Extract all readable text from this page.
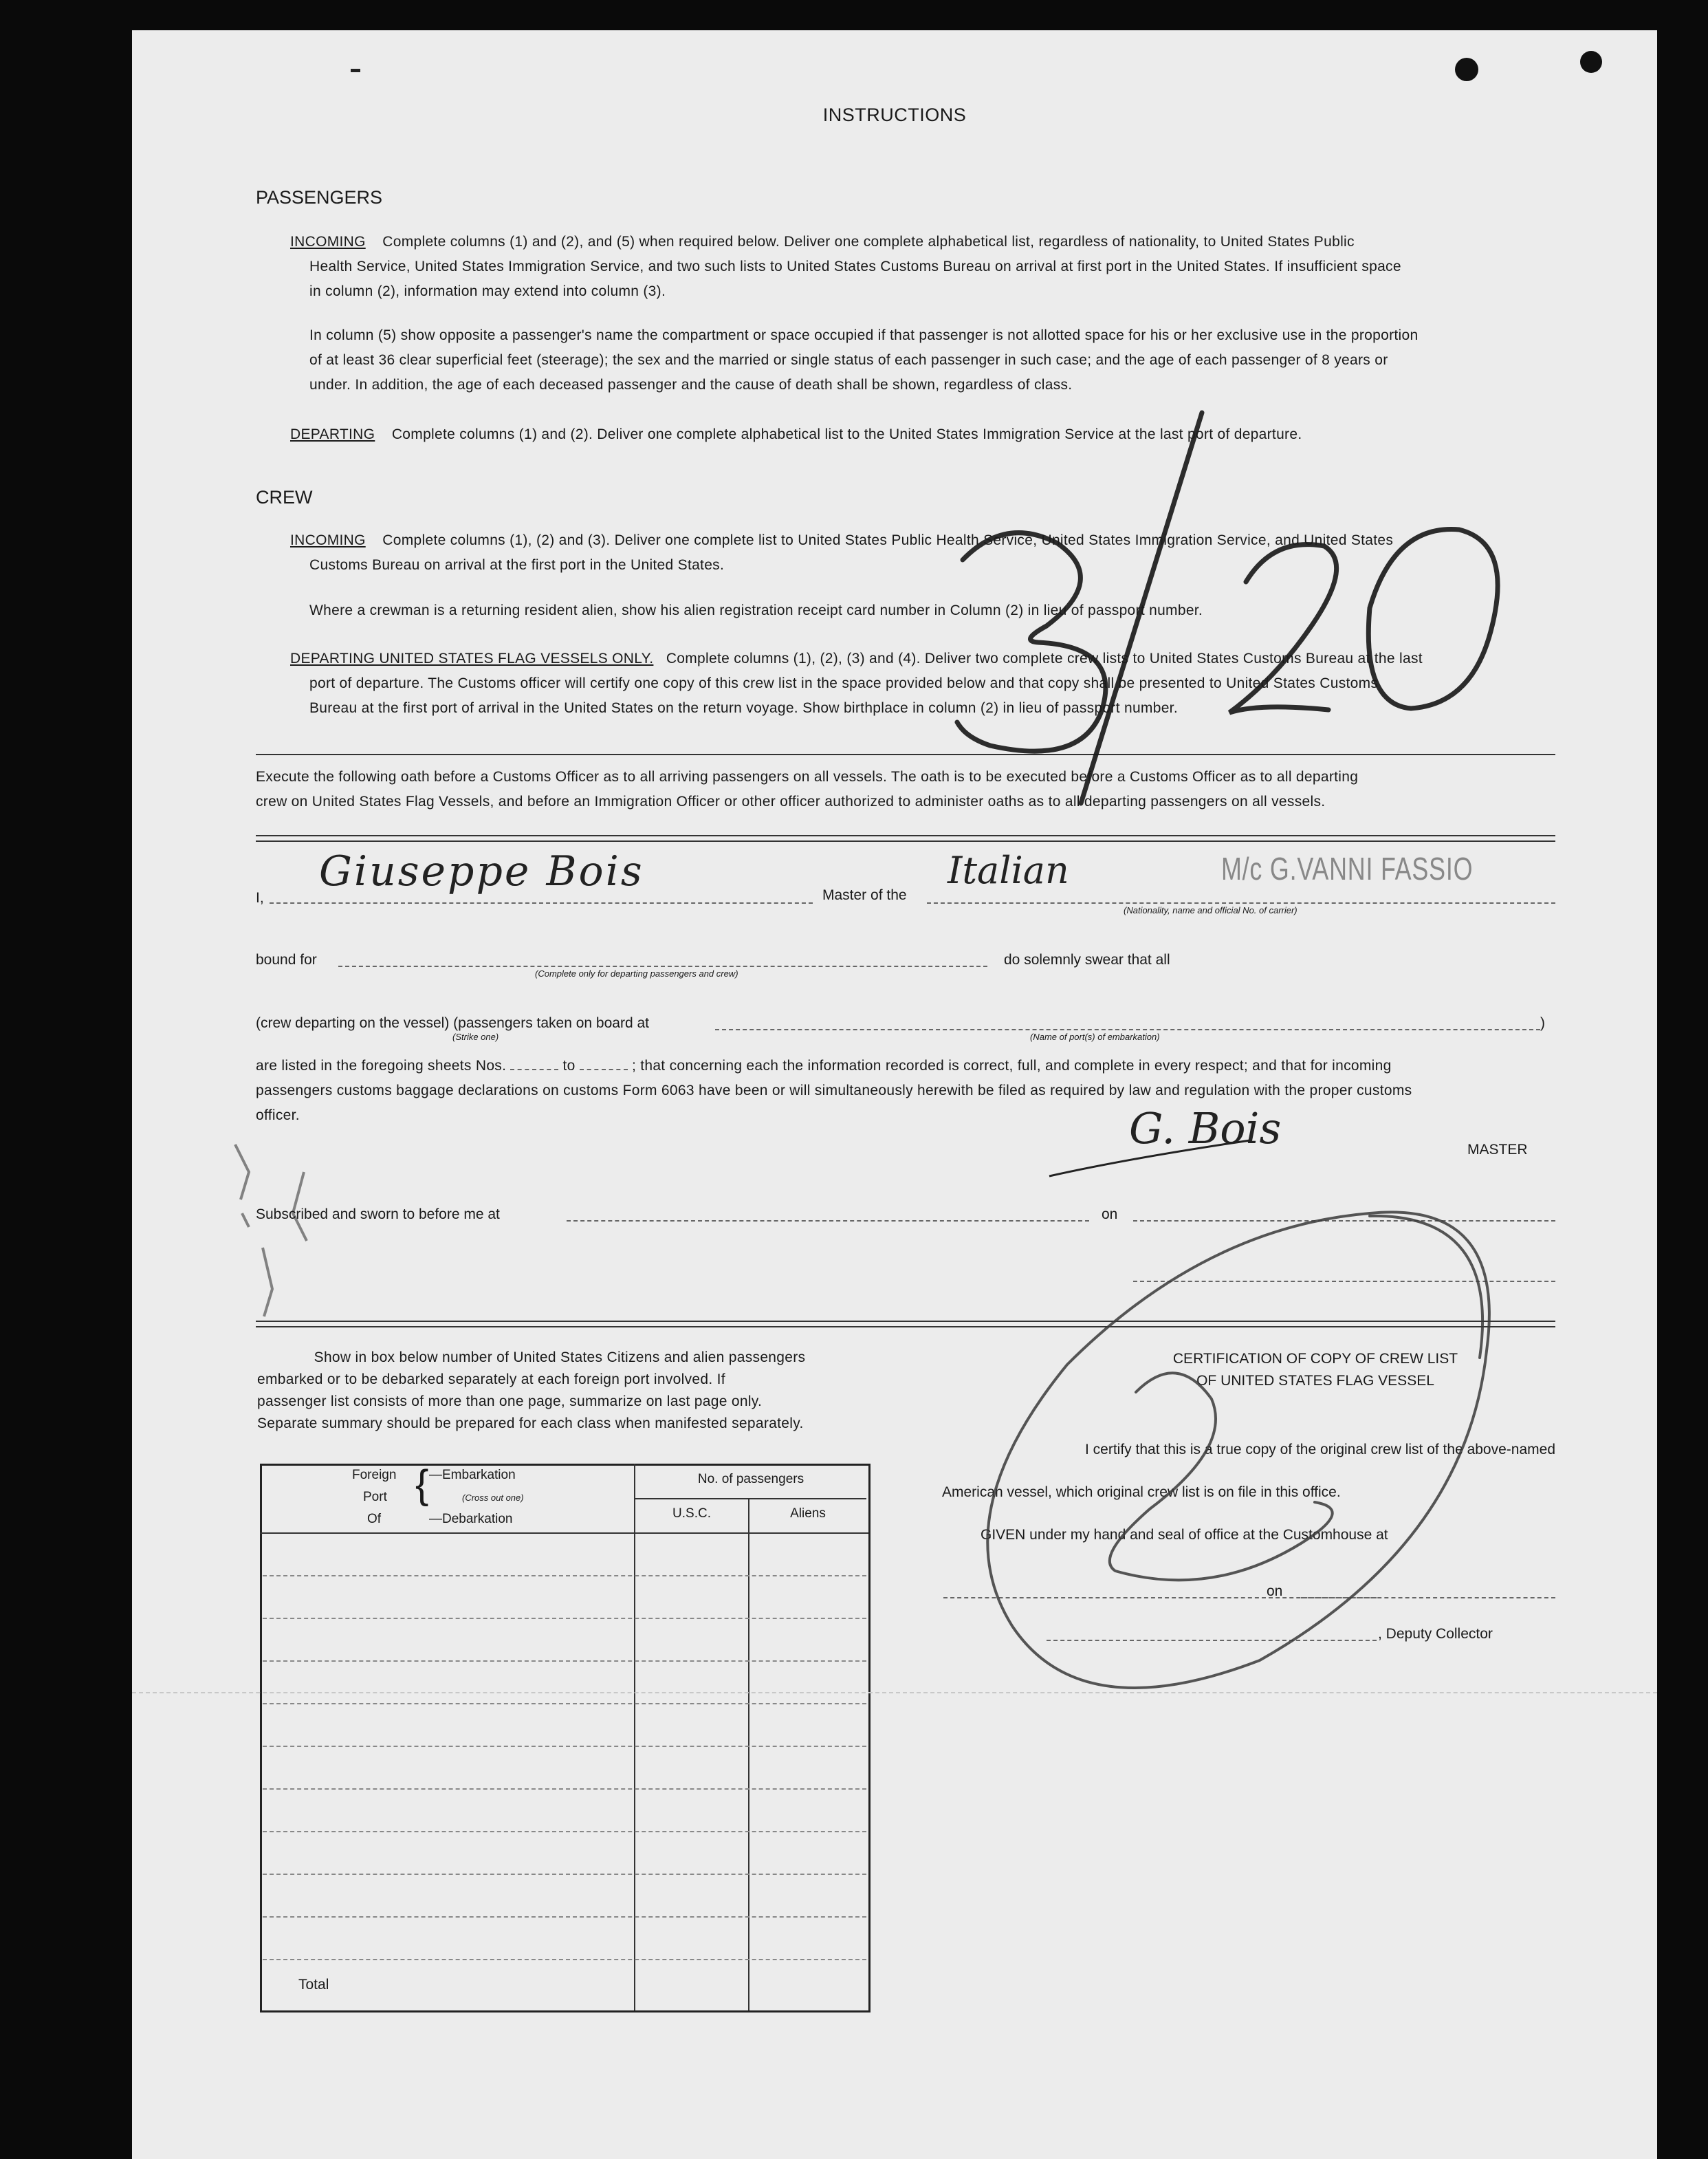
INSTRUCTIONS
PASSENGERS
INCOMING Complete columns (1) and (2), and (5) when required below. Deliver one complete alphabetical list, regardless of nationality, to United States Public
Health Service, United States Immigration Service, and two such lists to United States Customs Bureau on arrival at first port in the United States. If insufficient space
in column (2), information may extend into column (3).
In column (5) show opposite a passenger's name the compartment or space occupied if that passenger is not allotted space for his or her exclusive use in the proportion
of at least 36 clear superficial feet (steerage); the sex and the married or single status of each passenger in such case; and the age of each passenger of 8 years or
under. In addition, the age of each deceased passenger and the cause of death shall be shown, regardless of class.
DEPARTING Complete columns (1) and (2). Deliver one complete alphabetical list to the United States Immigration Service at the last port of departure.
CREW
INCOMING Complete columns (1), (2) and (3). Deliver one complete list to United States Public Health Service, United States Immigration Service, and United States
Customs Bureau on arrival at the first port in the United States.
Where a crewman is a returning resident alien, show his alien registration receipt card number in Column (2) in lieu of passport number.
DEPARTING UNITED STATES FLAG VESSELS ONLY. Complete columns (1), (2), (3) and (4). Deliver two complete crew lists to United States Customs Bureau at the last
port of departure. The Customs officer will certify one copy of this crew list in the space provided below and that copy shall be presented to United States Customs
Bureau at the first port of arrival in the United States on the return voyage. Show birthplace in column (2) in lieu of passport number.
Execute the following oath before a Customs Officer as to all arriving passengers on all vessels. The oath is to be executed before a Customs Officer as to all departing
crew on United States Flag Vessels, and before an Immigration Officer or other officer authorized to administer oaths as to all departing passengers on all vessels.
I,
Giuseppe Bois	Master of the
Italian	M/c G.VANNI FASSIO
(Nationality, name and official No. of carrier)
bound for
(Complete only for departing passengers and crew)
do solemnly swear that all
(crew departing on the vessel) (passengers taken on board at	)
(Strike one)	(Name of port(s) of embarkation)
are listed in the foregoing sheets Nos.	to	; that concerning each the information recorded is correct, full, and complete in every respect; and that for incoming
passengers customs baggage declarations on customs Form 6063 have been or will simultaneously herewith be filed as required by law and regulation with the proper customs
officer.	G. Bois	MASTER
Subscribed and sworn to before me at	on
Show in box below number of United States Citizens and alien passengers
embarked or to be debarked separately at each foreign port involved. If
passenger list consists of more than one page, summarize on last page only.
Separate summary should be prepared for each class when manifested separately.
Foreign
Port
Of
{ —Embarkation
(Cross out one)
—Debarkation
No. of passengers
U.S.C.	Aliens
Total
CERTIFICATION OF COPY OF CREW LIST
OF UNITED STATES FLAG VESSEL
I certify that this is a true copy of the original crew list of the above-named
American vessel, which original crew list is on file in this office.
GIVEN under my hand and seal of office at the Customhouse at
on
, Deputy Collector
